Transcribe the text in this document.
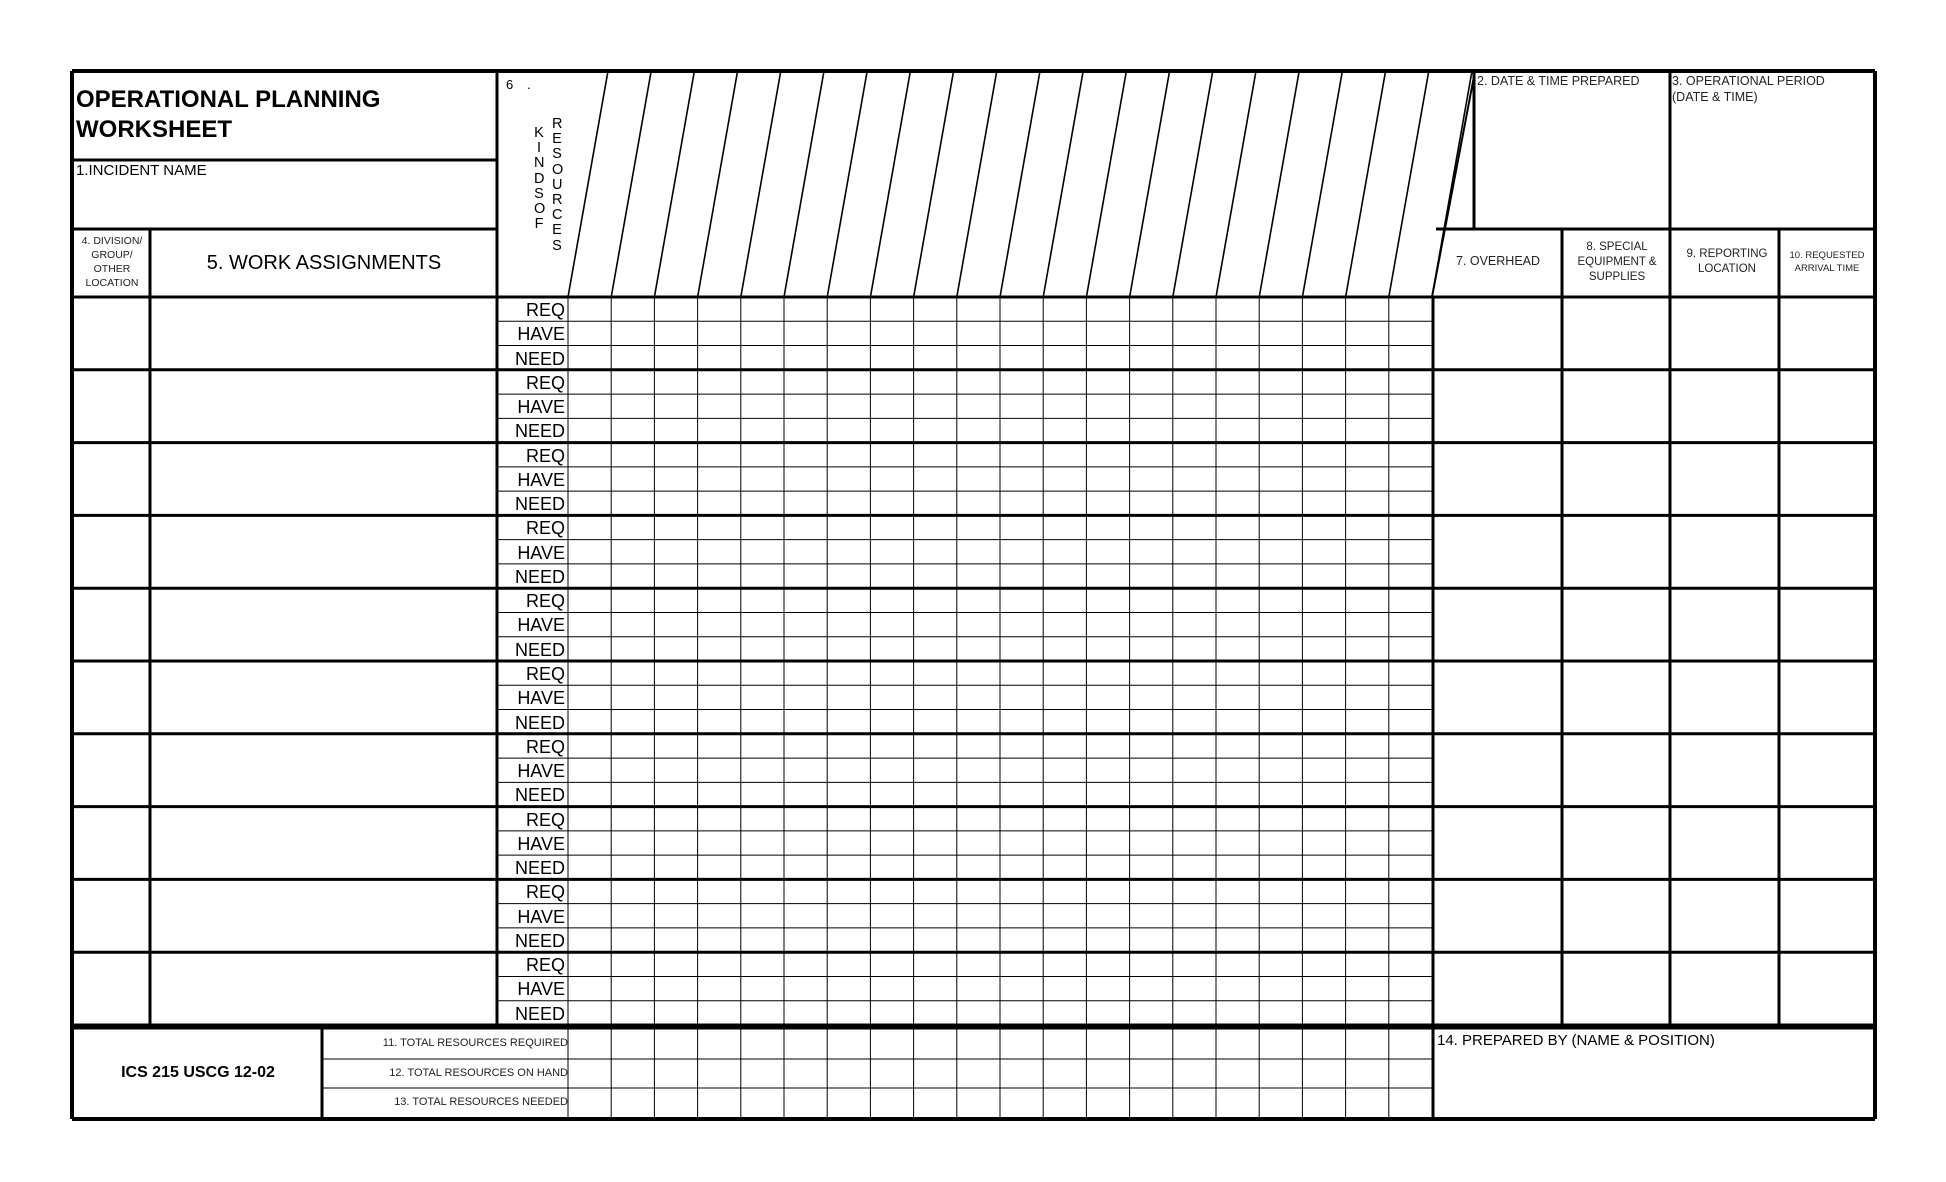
OPERATIONAL PLANNING
WORKSHEET
1.INCIDENT NAME
2. DATE & TIME PREPARED	3. OPERATIONAL PERIOD
(DATE & TIME)
4. DIVISION/
GROUP/
OTHER
LOCATION
5. WORK ASSIGNMENTS
6 .
KINDS OF
RESOURCES
7. OVERHEAD
8. SPECIAL
EQUIPMENT &
SUPPLIES
9. REPORTING
LOCATION
10. REQUESTED
ARRIVAL TIME
REQ
HAVE
NEED
REQ
HAVE
NEED
REQ
HAVE
NEED
REQ
HAVE
NEED
REQ
HAVE
NEED
REQ
HAVE
NEED
REQ
HAVE
NEED
REQ
HAVE
NEED
REQ
HAVE
NEED
REQ
HAVE
NEED
ICS 215 USCG 12-02
11. TOTAL RESOURCES REQUIRED
12. TOTAL RESOURCES ON HAND
13. TOTAL RESOURCES NEEDED
14. PREPARED BY (NAME & POSITION)
